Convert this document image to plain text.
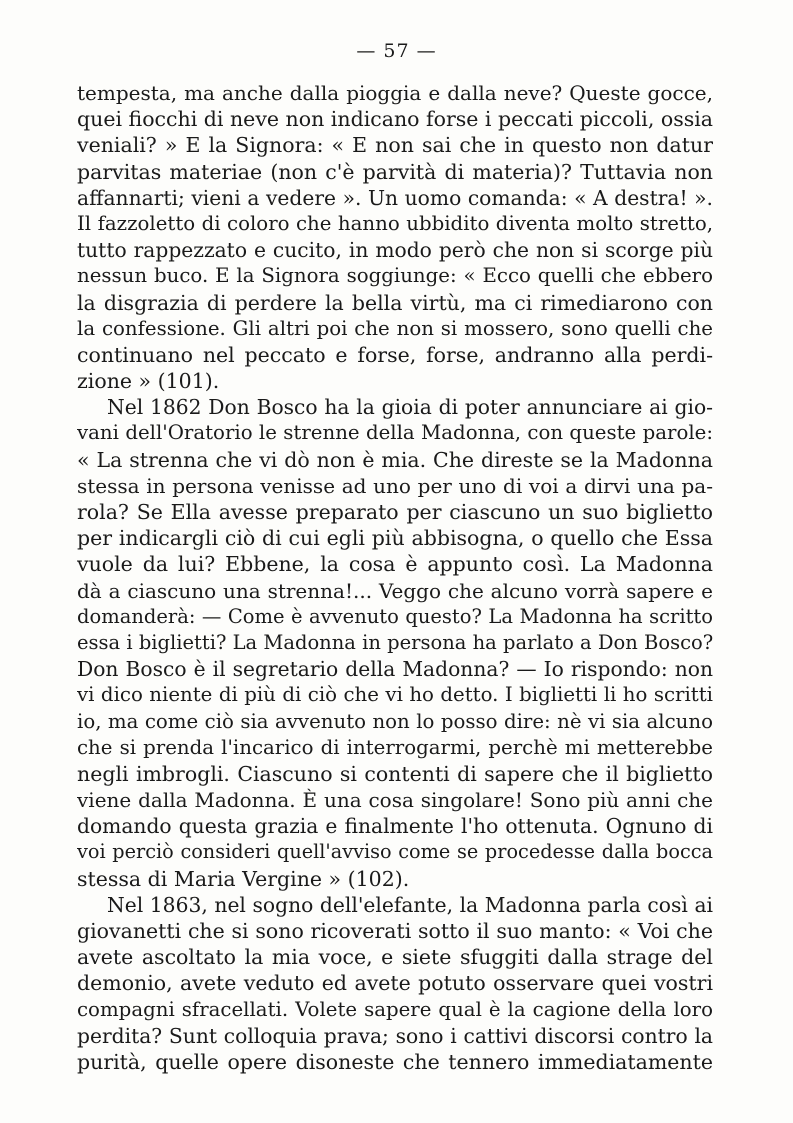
— 57 —
tempesta, ma anche dalla pioggia e dalla neve? Queste gocce,
quei fiocchi di neve non indicano forse i peccati piccoli, ossia
veniali? » E la Signora: « E non sai che in questo non datur
parvitas materiae (non c'è parvità di materia)? Tuttavia non
affannarti; vieni a vedere ». Un uomo comanda: « A destra! ».
Il fazzoletto di coloro che hanno ubbidito diventa molto stretto,
tutto rappezzato e cucito, in modo però che non si scorge più
nessun buco. E la Signora soggiunge: « Ecco quelli che ebbero
la disgrazia di perdere la bella virtù, ma ci rimediarono con
la confessione. Gli altri poi che non si mossero, sono quelli che
continuano nel peccato e forse, forse, andranno alla perdi-
zione » (101).
Nel 1862 Don Bosco ha la gioia di poter annunciare ai gio-
vani dell'Oratorio le strenne della Madonna, con queste parole:
« La strenna che vi dò non è mia. Che direste se la Madonna
stessa in persona venisse ad uno per uno di voi a dirvi una pa-
rola? Se Ella avesse preparato per ciascuno un suo biglietto
per indicargli ciò di cui egli più abbisogna, o quello che Essa
vuole da lui? Ebbene, la cosa è appunto così. La Madonna
dà a ciascuno una strenna!... Veggo che alcuno vorrà sapere e
domanderà: — Come è avvenuto questo? La Madonna ha scritto
essa i biglietti? La Madonna in persona ha parlato a Don Bosco?
Don Bosco è il segretario della Madonna? — Io rispondo: non
vi dico niente di più di ciò che vi ho detto. I biglietti li ho scritti
io, ma come ciò sia avvenuto non lo posso dire: nè vi sia alcuno
che si prenda l'incarico di interrogarmi, perchè mi metterebbe
negli imbrogli. Ciascuno si contenti di sapere che il biglietto
viene dalla Madonna. È una cosa singolare! Sono più anni che
domando questa grazia e finalmente l'ho ottenuta. Ognuno di
voi perciò consideri quell'avviso come se procedesse dalla bocca
stessa di Maria Vergine » (102).
Nel 1863, nel sogno dell'elefante, la Madonna parla così ai
giovanetti che si sono ricoverati sotto il suo manto: « Voi che
avete ascoltato la mia voce, e siete sfuggiti dalla strage del
demonio, avete veduto ed avete potuto osservare quei vostri
compagni sfracellati. Volete sapere qual è la cagione della loro
perdita? Sunt colloquia prava; sono i cattivi discorsi contro la
purità, quelle opere disoneste che tennero immediatamente
